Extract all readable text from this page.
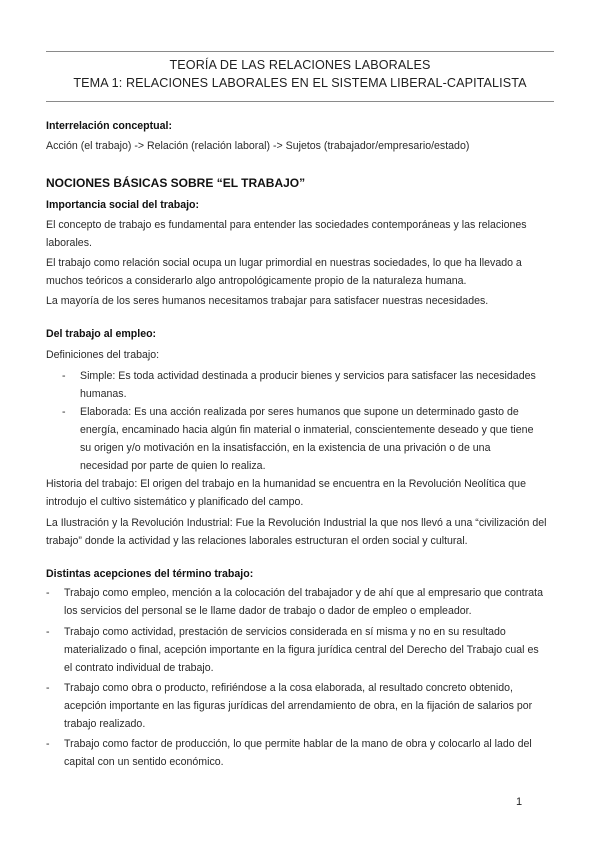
TEORÍA DE LAS RELACIONES LABORALES
TEMA 1: RELACIONES LABORALES EN EL SISTEMA LIBERAL-CAPITALISTA
Interrelación conceptual:
Acción (el trabajo) -> Relación (relación laboral) -> Sujetos (trabajador/empresario/estado)
NOCIONES BÁSICAS SOBRE “EL TRABAJO”
Importancia social del trabajo:
El concepto de trabajo es fundamental para entender las sociedades contemporáneas y las relaciones laborales.
El trabajo como relación social ocupa un lugar primordial en nuestras sociedades, lo que ha llevado a muchos teóricos a considerarlo algo antropológicamente propio de la naturaleza humana.
La mayoría de los seres humanos necesitamos trabajar para satisfacer nuestras necesidades.
Del trabajo al empleo:
Definiciones del trabajo:
- Simple: Es toda actividad destinada a producir bienes y servicios para satisfacer las necesidades humanas.
- Elaborada: Es una acción realizada por seres humanos que supone un determinado gasto de energía, encaminado hacia algún fin material o inmaterial, conscientemente deseado y que tiene su origen y/o motivación en la insatisfacción, en la existencia de una privación o de una necesidad por parte de quien lo realiza.
Historia del trabajo: El origen del trabajo en la humanidad se encuentra en la Revolución Neolítica que introdujo el cultivo sistemático y planificado del campo.
La Ilustración y la Revolución Industrial: Fue la Revolución Industrial la que nos llevó a una “civilización del trabajo” donde la actividad y las relaciones laborales estructuran el orden social y cultural.
Distintas acepciones del término trabajo:
- Trabajo como empleo, mención a la colocación del trabajador y de ahí que al empresario que contrata los servicios del personal se le llame dador de trabajo o dador de empleo o empleador.
- Trabajo como actividad, prestación de servicios considerada en sí misma y no en su resultado materializado o final, acepción importante en la figura jurídica central del Derecho del Trabajo cual es el contrato individual de trabajo.
- Trabajo como obra o producto, refiriéndose a la cosa elaborada, al resultado concreto obtenido, acepción importante en las figuras jurídicas del arrendamiento de obra, en la fijación de salarios por trabajo realizado.
- Trabajo como factor de producción, lo que permite hablar de la mano de obra y colocarlo al lado del capital con un sentido económico.
1
